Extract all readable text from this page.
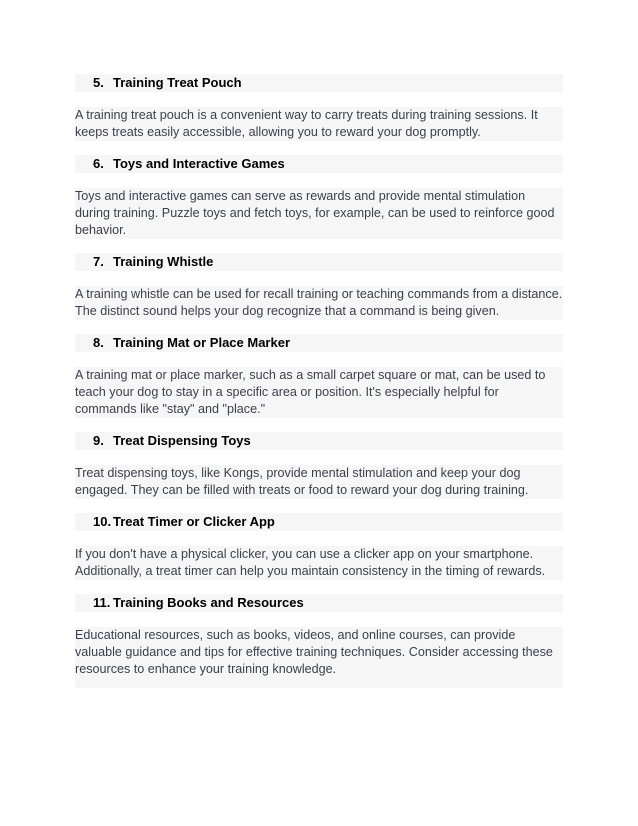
5. Training Treat Pouch
A training treat pouch is a convenient way to carry treats during training sessions. It keeps treats easily accessible, allowing you to reward your dog promptly.
6. Toys and Interactive Games
Toys and interactive games can serve as rewards and provide mental stimulation during training. Puzzle toys and fetch toys, for example, can be used to reinforce good behavior.
7. Training Whistle
A training whistle can be used for recall training or teaching commands from a distance. The distinct sound helps your dog recognize that a command is being given.
8. Training Mat or Place Marker
A training mat or place marker, such as a small carpet square or mat, can be used to teach your dog to stay in a specific area or position. It's especially helpful for commands like "stay" and "place."
9. Treat Dispensing Toys
Treat dispensing toys, like Kongs, provide mental stimulation and keep your dog engaged. They can be filled with treats or food to reward your dog during training.
10. Treat Timer or Clicker App
If you don't have a physical clicker, you can use a clicker app on your smartphone. Additionally, a treat timer can help you maintain consistency in the timing of rewards.
11. Training Books and Resources
Educational resources, such as books, videos, and online courses, can provide valuable guidance and tips for effective training techniques. Consider accessing these resources to enhance your training knowledge.
